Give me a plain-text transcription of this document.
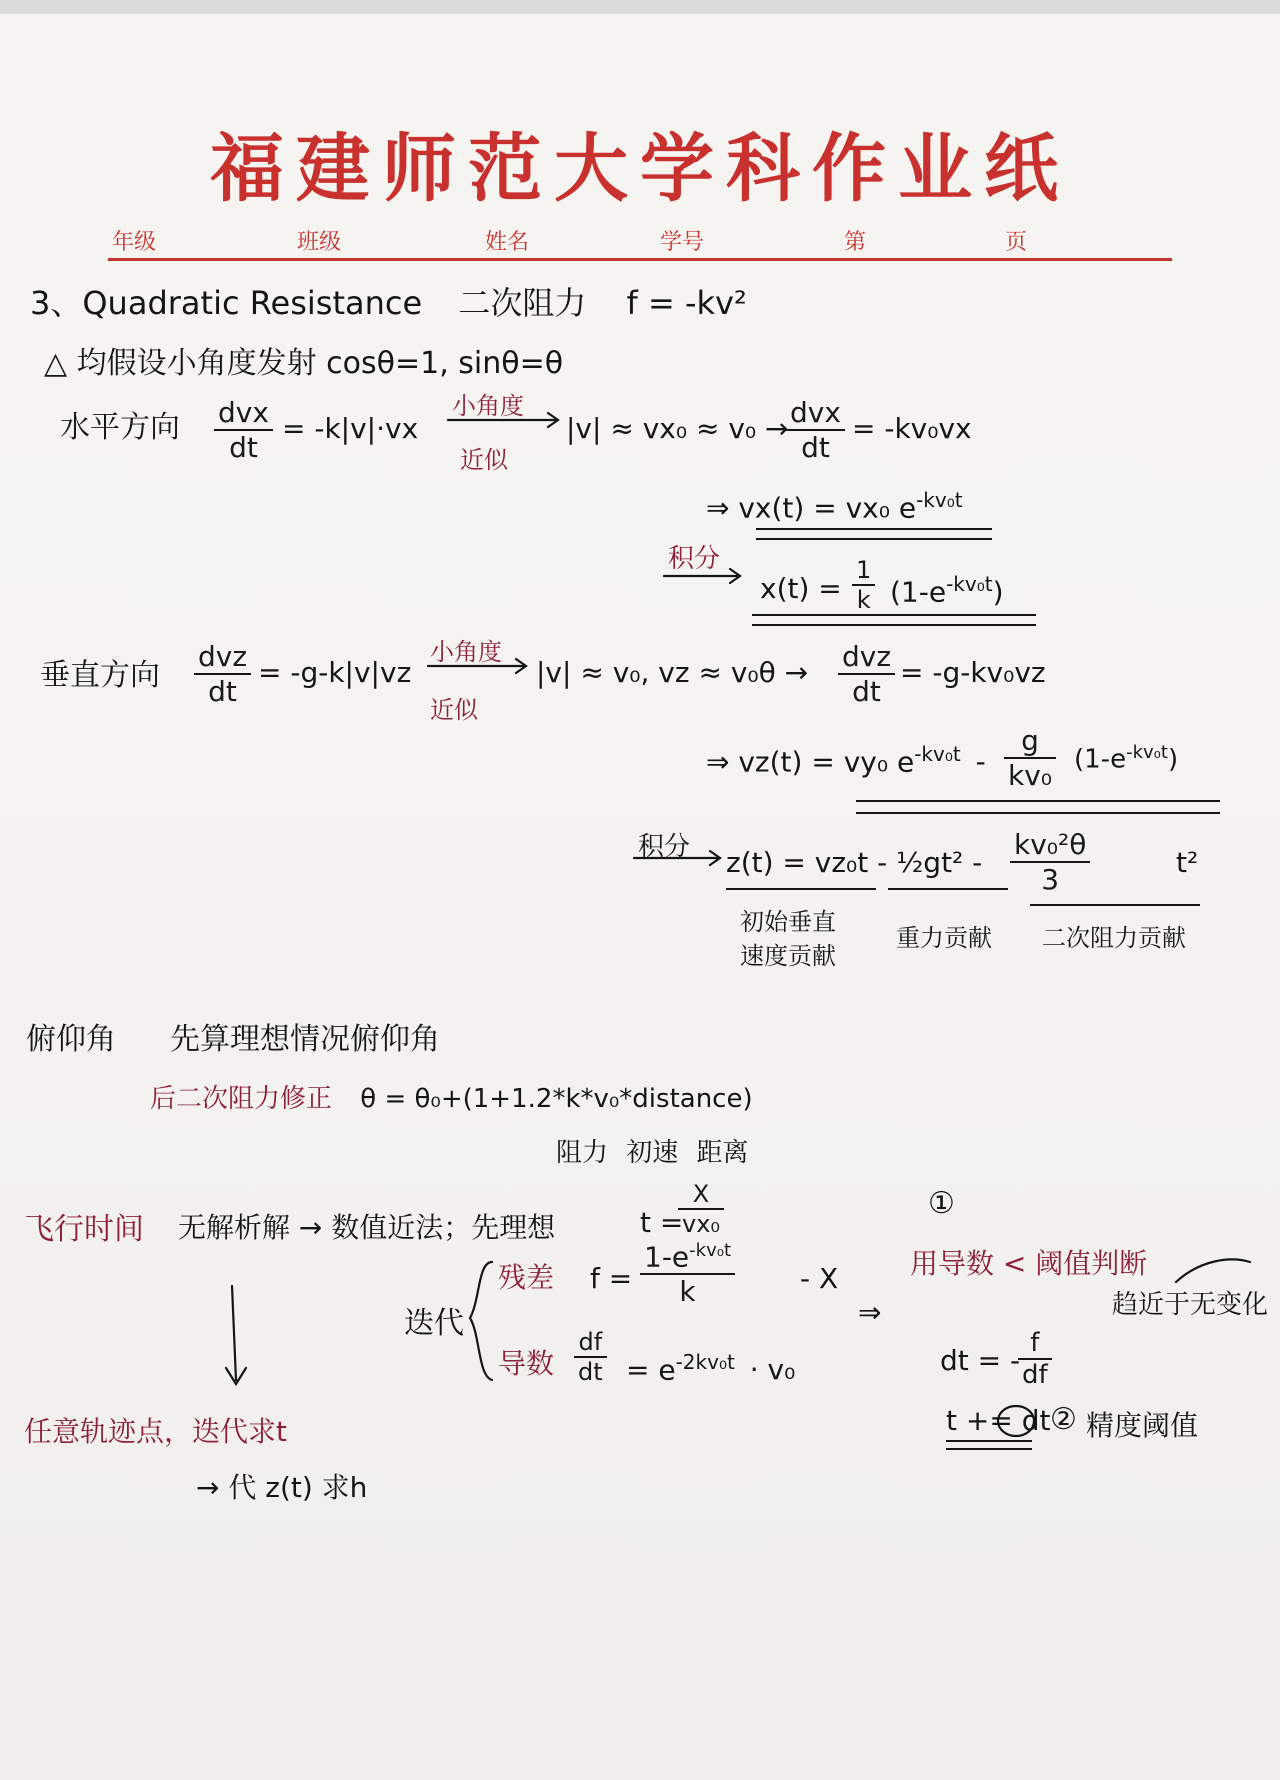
福建师范大学科作业纸
年级	班级	姓名	学号	第	页
3、Quadratic Resistance 二次阻力 f = -kv²
△ 均假设小角度发射 cosθ=1, sinθ=θ
水平方向 dvx
dt
= -k|v|·vx
小角度
近似
|v| ≈ vx₀ ≈ v₀ → dvx
dt
= -kv₀vx
⇒ vx(t) = vx₀ $e^{-kv_0t}$
积分
$x(t) = \frac{1}{k} (1-e^{-kv_0t})$
垂直方向
dvz
dt
= -g-k|v|vz
小角度
近似
|v| ≈ v₀, vz ≈ v₀θ → dvz
dt
= -g-kv₀vz
⇒ vz(t) = vy₀ $e^{-kv_0t} - \frac{g}{\text{kv₀}} (1-e^{-kv_0t})$
积分 z(t) = vz₀t - ½gt² - $\frac{\text{kv₀²θ}}{3}$	t²
初始垂直
速度贡献
重力贡献 二次阻力贡献
俯仰角 先算理想情况俯仰角
后二次阻力修正 θ = θ₀+(1+1.2*k*v₀*distance)
阻力 初速 距离
飞行时间 无解析解 → 数值近法；先理想	t =
$\frac{X}{\text{vx₀}}$
迭代
残差 $f = \frac{1-e^{-kv_0t}}{k} - X$
导数 $\frac{df}{dt} = e^{-2kv_0t} \cdot v_0$
⇒
①
用导数 < 阈值判断
趋近于无变化
dt = -
$\frac{f}{df}$
t += dt ② 精度阈值
任意轨迹点，迭代求t
→ 代 z(t) 求h
